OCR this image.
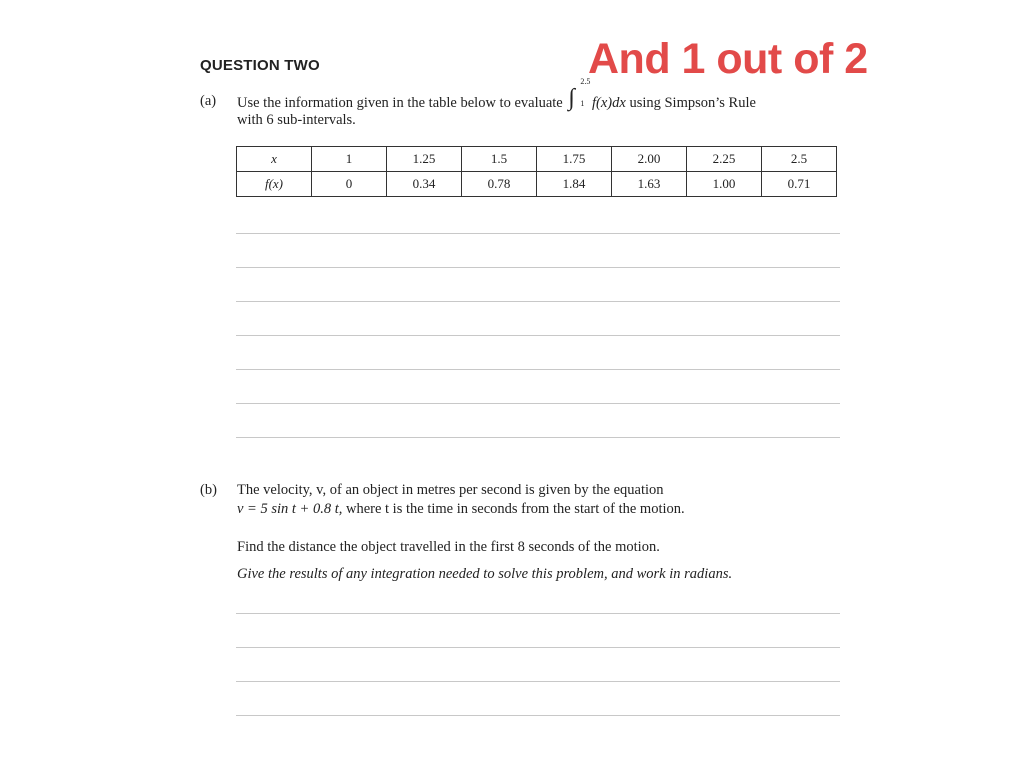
QUESTION TWO	And 1 out of 2
(a) Use the information given in the table below to evaluate ∫
2.5
1 f(x)dx using Simpson’s Rule
with 6 sub-intervals.
x	1	1.25	1.5	1.75	2.00	2.25	2.5
f(x)	0	0.34	0.78	1.84	1.63	1.00	0.71
(b) The velocity, v, of an object in metres per second is given by the equation
v = 5 sin t + 0.8 t, where t is the time in seconds from the start of the motion.
Find the distance the object travelled in the first 8 seconds of the motion.
Give the results of any integration needed to solve this problem, and work in radians.
